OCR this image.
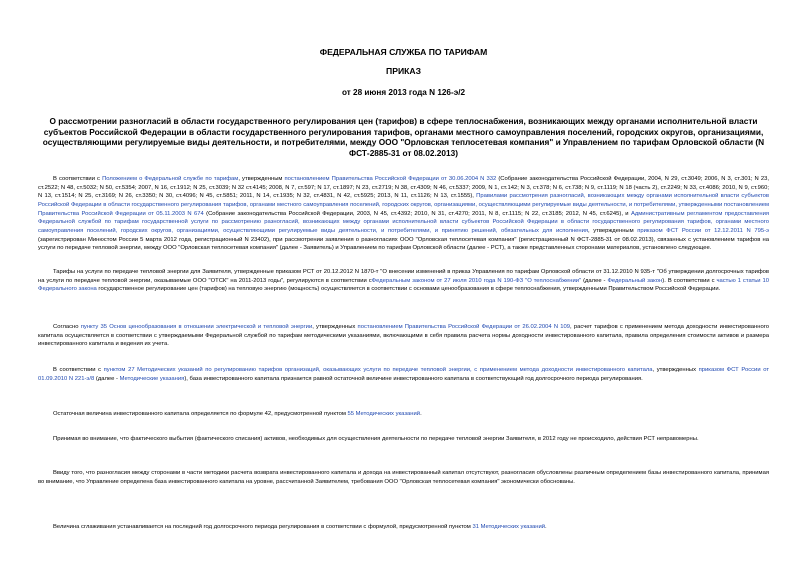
ФЕДЕРАЛЬНАЯ СЛУЖБА ПО ТАРИФАМ
ПРИКАЗ
от 28 июня 2013 года N 126-э/2
О рассмотрении разногласий в области государственного регулирования цен (тарифов) в сфере теплоснабжения, возникающих между органами исполнительной власти субъектов Российской Федерации в области государственного регулирования тарифов, органами местного самоуправления поселений, городских округов, организациями, осуществляющими регулируемые виды деятельности, и потребителями, между ООО "Орловская теплосетевая компания" и Управлением по тарифам Орловской области (N ФСТ-2885-31 от 08.02.2013)

В соответствии с Положением о Федеральной службе по тарифам, утвержденным постановлением Правительства Российской Федерации от 30.06.2004 N 332 (Собрание законодательства Российской Федерации, 2004, N 29, ст.3049; 2006, N 3, ст.301; N 23, ст.2522; N 48, ст.5032; N 50, ст.5354; 2007, N 16, ст.1912; N 25, ст.3039; N 32 ст.4145; 2008, N 7, ст.597; N 17, ст.1897; N 23, ст.2719; N 38, ст.4309; N 46, ст.5337; 2009, N 1, ст.142; N 3, ст.378; N 6, ст.738; N 9, ст.1119; N 18 (часть 2), ст.2249; N 33, ст.4086; 2010, N 9, ст.960; N 13, ст.1514; N 25, ст.3169; N 26, ст.3350; N 30, ст.4096; N 45, ст.5851; 2011, N 14, ст.1935; N 32, ст.4831, N 42, ст.5925; 2013, N 11, ст.1126; N 13, ст.1555), Правилами рассмотрения разногласий, возникающих между органами исполнительной власти субъектов Российской Федерации в области государственного регулирования тарифов, органами местного самоуправления поселений, городских округов, организациями, осуществляющими регулируемые виды деятельности, и потребителями, утвержденными постановлением Правительства Российской Федерации от 05.11.2003 N 674 (Собрание законодательства Российской Федерации, 2003, N 45, ст.4392; 2010, N 31, ст.4270; 2011, N 8, ст.1115; N 22, ст.3185; 2012, N 45, ст.6245), и Административным регламентом предоставления Федеральной службой по тарифам государственной услуги по рассмотрению разногласий, возникающих между органами исполнительной власти субъектов Российской Федерации в области государственного регулирования тарифов, органами местного самоуправления поселений, городских округов, организациями, осуществляющими регулируемые виды деятельности, и потребителями, и принятию решений, обязательных для исполнения, утвержденным приказом ФСТ России от 12.12.2011 N 795-э (зарегистрирован Минюстом России 5 марта 2012 года, регистрационный N 23402), при рассмотрении заявления о разногласиях ООО "Орловская теплосетевая компания" (регистрационный N ФСТ-2885-31 от 08.02.2013), связанных с установлением тарифов на услуги по передаче тепловой энергии, между ООО "Орловская теплосетевая компания" (далее - Заявитель) и Управлением по тарифам Орловской области (далее - РСТ), а также представленных сторонами материалов, установлено следующее.

Тарифы на услуги по передаче тепловой энергии для Заявителя, утвержденные приказом РСТ от 20.12.2012 N 1870-т "О внесении изменений в приказ Управления по тарифам Орловской области от 31.12.2010 N 935-т "Об утверждении долгосрочных тарифов на услуги по передаче тепловой энергии, оказываемые ООО "ОТСК" на 2011-2013 годы", регулируются в соответствии сФедеральным законом от 27 июля 2010 года N 190-ФЗ "О теплоснабжении" (далее - Федеральный закон). В соответствии с частью 1 статьи 10 Федерального закона государственное регулирование цен (тарифов) на тепловую энергию (мощность) осуществляется в соответствии с основами ценообразования в сфере теплоснабжения, утвержденными Правительством Российской Федерации.

Согласно пункту 35 Основ ценообразования в отношении электрической и тепловой энергии, утвержденных постановлением Правительства Российской Федерации от 26.02.2004 N 109, расчет тарифов с применением метода доходности инвестированного капитала осуществляется в соответствии с утверждаемыми Федеральной службой по тарифам методическими указаниями, включающими в себя правила расчета нормы доходности инвестированного капитала, правила определения стоимости активов и размера инвестированного капитала и ведения их учета.

В соответствии с пунктом 27 Методических указаний по регулированию тарифов организаций, оказывающих услуги по передаче тепловой энергии, с применением метода доходности инвестированного капитала, утвержденных приказом ФСТ России от 01.09.2010 N 221-э/8 (далее - Методические указания), база инвестированного капитала признается равной остаточной величине инвестированного капитала в соответствующий год долгосрочного периода регулирования.

Остаточная величина инвестированного капитала определяется по формуле 42, предусмотренной пунктом 55 Методических указаний.

Принимая во внимание, что фактического выбытия (фактического списания) активов, необходимых для осуществления деятельности по передаче тепловой энергии Заявителя, в 2012 году не происходило, действия РСТ неправомерны.

Ввиду того, что разногласия между сторонами в части методики расчета возврата инвестированного капитала и дохода на инвестированный капитал отсутствуют, разногласия обусловлены различным определением базы инвестированного капитала, принимая во внимание, что Управление определена база инвестированного капитала на уровне, рассчитанной Заявителем, требования ООО "Орловская теплосетевая компания" экономически обоснованы.

Величина сглаживания устанавливается на последний год долгосрочного периода регулирования в соответствии с формулой, предусмотренной пунктом 31 Методических указаний.
